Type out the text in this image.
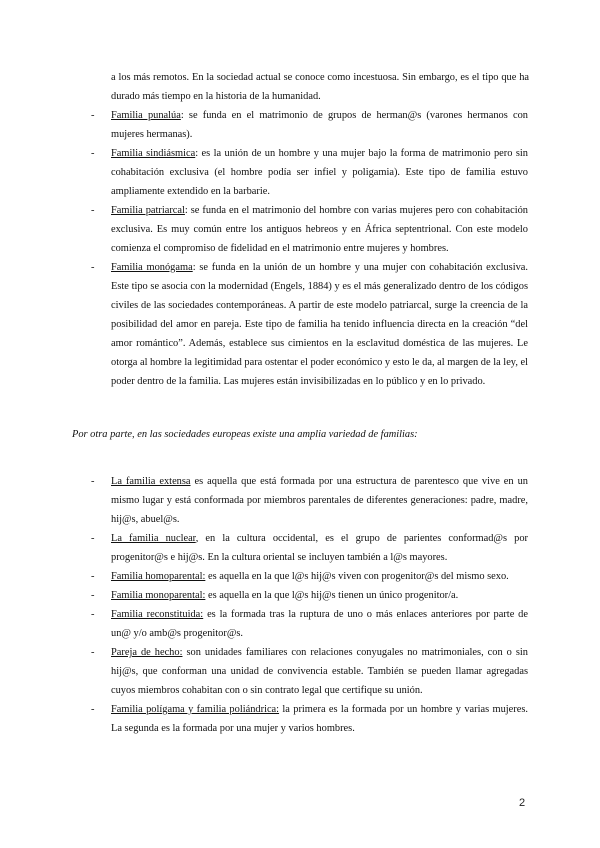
a los más remotos. En la sociedad actual se conoce como incestuosa. Sin embargo, es el tipo que ha durado más tiempo en la historia de la humanidad.
- Familia punalúa: se funda en el matrimonio de grupos de herman@s (varones hermanos con mujeres hermanas).
- Familia sindiásmica: es la unión de un hombre y una mujer bajo la forma de matrimonio pero sin cohabitación exclusiva (el hombre podía ser infiel y poligamia). Este tipo de familia estuvo ampliamente extendido en la barbarie.
- Familia patriarcal: se funda en el matrimonio del hombre con varias mujeres pero con cohabitación exclusiva. Es muy común entre los antiguos hebreos y en África septentrional. Con este modelo comienza el compromiso de fidelidad en el matrimonio entre mujeres y hombres.
- Familia monógama: se funda en la unión de un hombre y una mujer con cohabitación exclusiva. Este tipo se asocia con la modernidad (Engels, 1884) y es el más generalizado dentro de los códigos civiles de las sociedades contemporáneas. A partir de este modelo patriarcal, surge la creencia de la posibilidad del amor en pareja. Este tipo de familia ha tenido influencia directa en la creación “del amor romántico”. Además, establece sus cimientos en la esclavitud doméstica de las mujeres. Le otorga al hombre la legitimidad para ostentar el poder económico y esto le da, al margen de la ley, el poder dentro de la familia. Las mujeres están invisibilizadas en lo público y en lo privado.
Por otra parte, en las sociedades europeas existe una amplia variedad de familias:
- La familia extensa es aquella que está formada por una estructura de parentesco que vive en un mismo lugar y está conformada por miembros parentales de diferentes generaciones: padre, madre, hij@s, abuel@s.
- La familia nuclear, en la cultura occidental, es el grupo de parientes conformad@s por progenitor@s e hij@s. En la cultura oriental se incluyen también a l@s mayores.
- Familia homoparental: es aquella en la que l@s hij@s viven con progenitor@s del mismo sexo.
- Familia monoparental: es aquella en la que l@s hij@s tienen un único progenitor/a.
- Familia reconstituida: es la formada tras la ruptura de uno o más enlaces anteriores por parte de un@ y/o amb@s progenitor@s.
- Pareja de hecho: son unidades familiares con relaciones conyugales no matrimoniales, con o sin hij@s, que conforman una unidad de convivencia estable. También se pueden llamar agregadas cuyos miembros cohabitan con o sin contrato legal que certifique su unión.
- Familia polígama y familia poliándrica: la primera es la formada por un hombre y varias mujeres. La segunda es la formada por una mujer y varios hombres.
2
